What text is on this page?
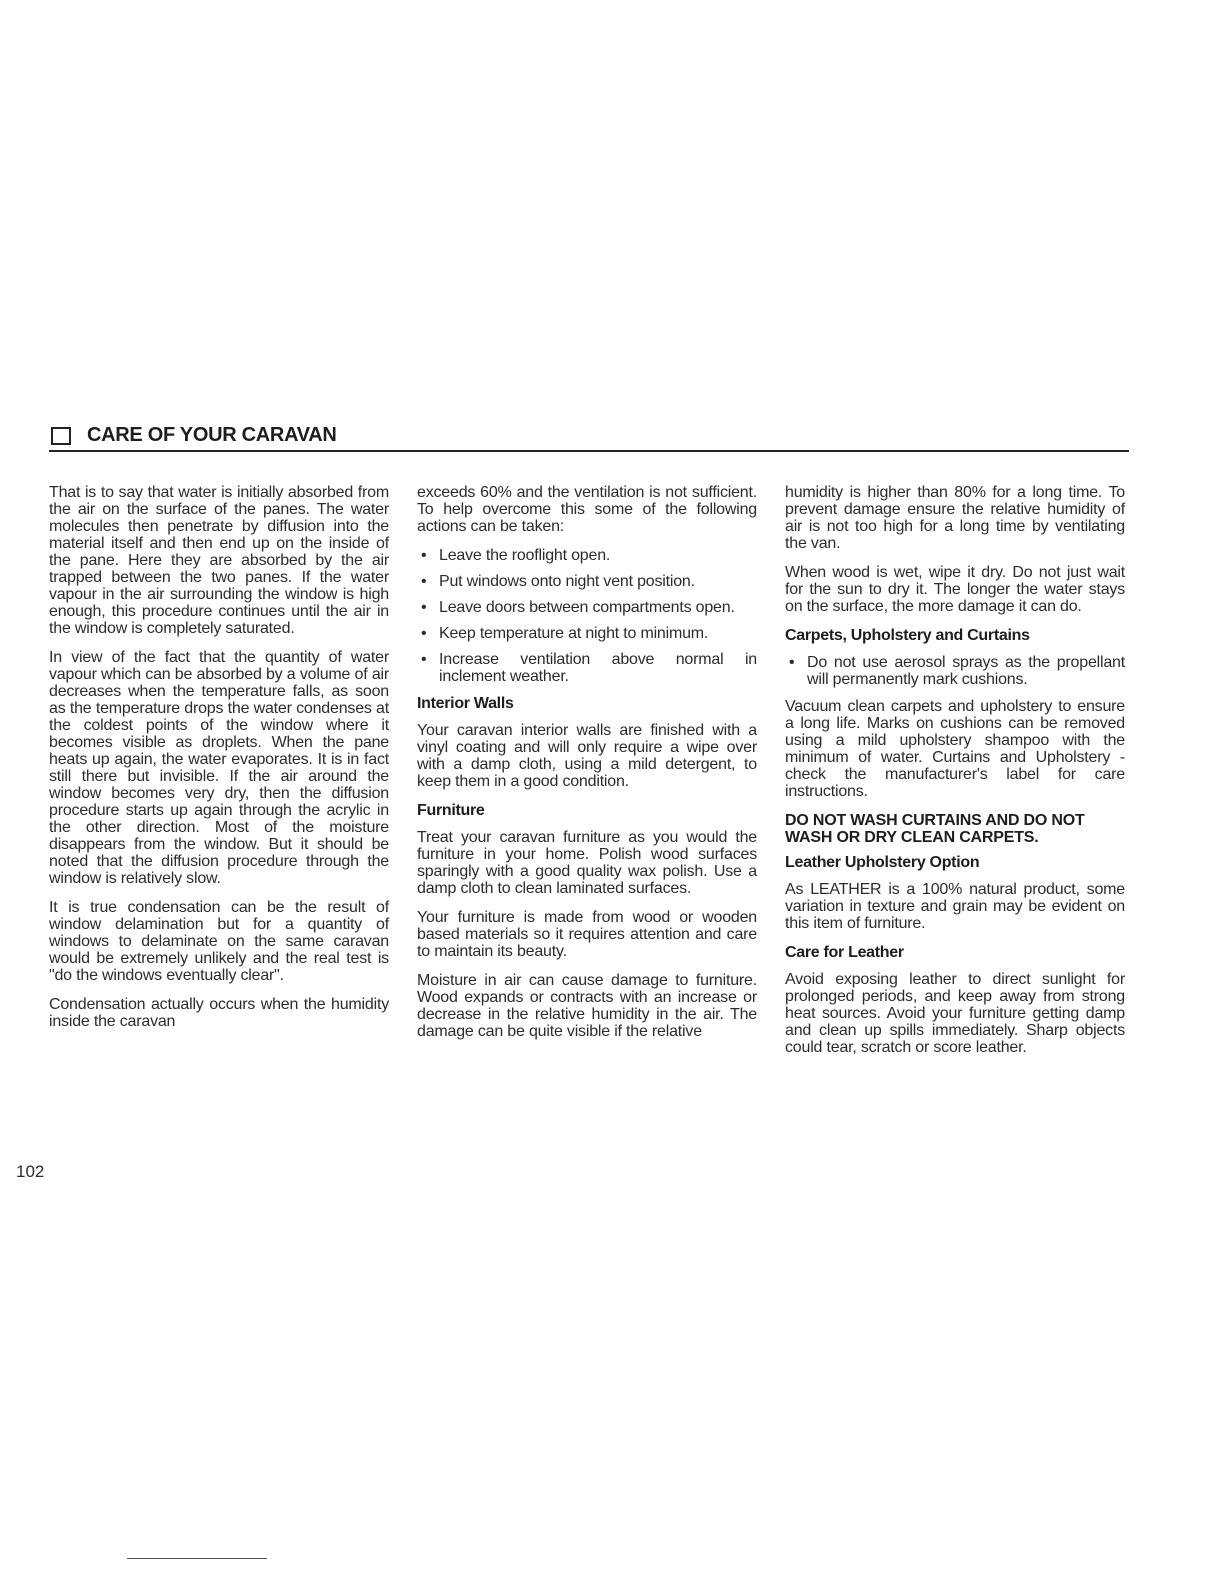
CARE OF YOUR CARAVAN

That is to say that water is initially absorbed from the air on the surface of the panes. The water molecules then penetrate by diffusion into the material itself and then end up on the inside of the pane. Here they are absorbed by the air trapped between the two panes. If the water vapour in the air surrounding the window is high enough, this procedure continues until the air in the window is completely saturated.

In view of the fact that the quantity of water vapour which can be absorbed by a volume of air decreases when the temperature falls, as soon as the temperature drops the water condenses at the coldest points of the window where it becomes visible as droplets. When the pane heats up again, the water evaporates. It is in fact still there but invisible. If the air around the window becomes very dry, then the diffusion procedure starts up again through the acrylic in the other direction. Most of the moisture disappears from the window. But it should be noted that the diffusion procedure through the window is relatively slow.

It is true condensation can be the result of window delamination but for a quantity of windows to delaminate on the same caravan would be extremely unlikely and the real test is "do the windows eventually clear".

Condensation actually occurs when the humidity inside the caravan

exceeds 60% and the ventilation is not sufficient. To help overcome this some of the following actions can be taken:

• Leave the rooflight open.
• Put windows onto night vent position.
• Leave doors between compartments open.
• Keep temperature at night to minimum.
• Increase ventilation above normal in inclement weather.
Interior Walls

Your caravan interior walls are finished with a vinyl coating and will only require a wipe over with a damp cloth, using a mild detergent, to keep them in a good condition.

Furniture

Treat your caravan furniture as you would the furniture in your home. Polish wood surfaces sparingly with a good quality wax polish. Use a damp cloth to clean laminated surfaces.

Your furniture is made from wood or wooden based materials so it requires attention and care to maintain its beauty.

Moisture in air can cause damage to furniture. Wood expands or contracts with an increase or decrease in the relative humidity in the air. The damage can be quite visible if the relative

humidity is higher than 80% for a long time. To prevent damage ensure the relative humidity of air is not too high for a long time by ventilating the van.

When wood is wet, wipe it dry. Do not just wait for the sun to dry it. The longer the water stays on the surface, the more damage it can do.

Carpets, Upholstery and Curtains
• Do not use aerosol sprays as the propellant will permanently mark cushions.

Vacuum clean carpets and upholstery to ensure a long life. Marks on cushions can be removed using a mild upholstery shampoo with the minimum of water. Curtains and Upholstery - check the manufacturer's label for care instructions.

DO NOT WASH CURTAINS AND DO NOT WASH OR DRY CLEAN CARPETS.
Leather Upholstery Option

As LEATHER is a 100% natural product, some variation in texture and grain may be evident on this item of furniture.

Care for Leather

Avoid exposing leather to direct sunlight for prolonged periods, and keep away from strong heat sources. Avoid your furniture getting damp and clean up spills immediately. Sharp objects could tear, scratch or score leather.

102
